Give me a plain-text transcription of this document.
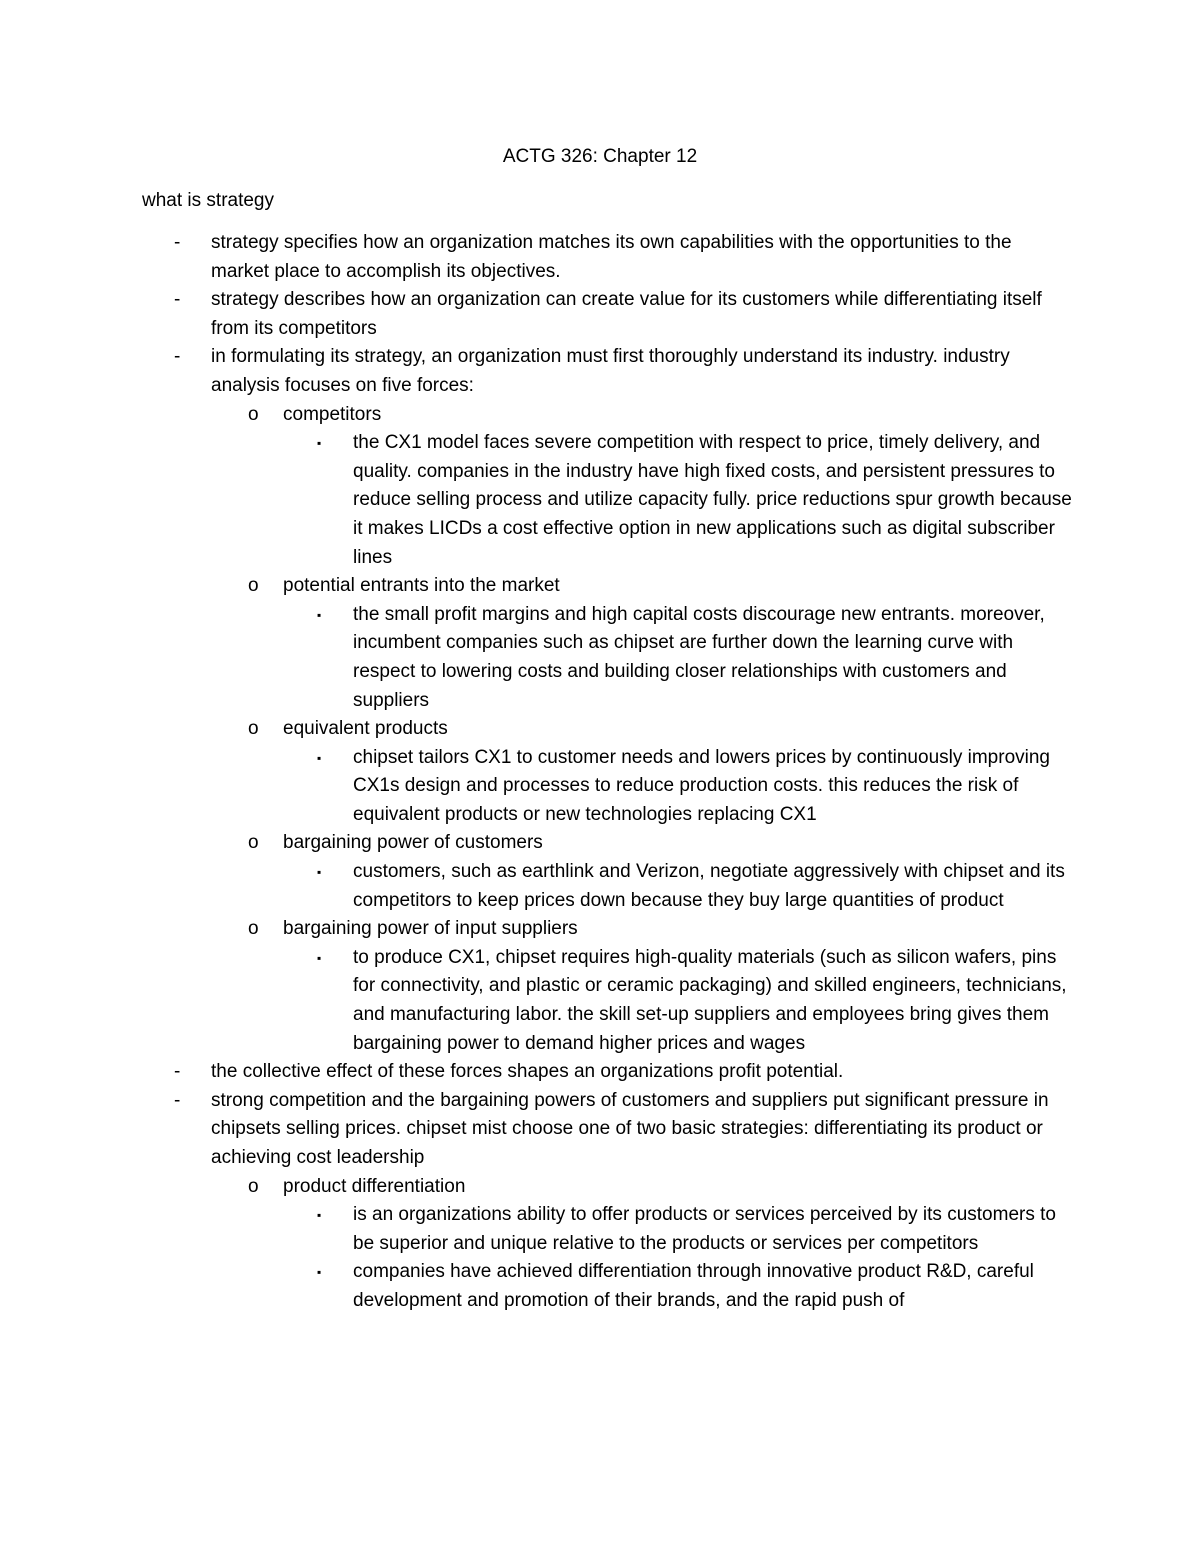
ACTG 326: Chapter 12
what is strategy
- strategy specifies how an organization matches its own capabilities with the opportunities to the market place to accomplish its objectives.
- strategy describes how an organization can create value for its customers while differentiating itself from its competitors
- in formulating its strategy, an organization must first thoroughly understand its industry. industry analysis focuses on five forces:
o competitors
▪ the CX1 model faces severe competition with respect to price, timely delivery, and quality. companies in the industry have high fixed costs, and persistent pressures to reduce selling process and utilize capacity fully. price reductions spur growth because it makes LICDs a cost effective option in new applications such as digital subscriber lines
o potential entrants into the market
▪ the small profit margins and high capital costs discourage new entrants. moreover, incumbent companies such as chipset are further down the learning curve with respect to lowering costs and building closer relationships with customers and suppliers
o equivalent products
▪ chipset tailors CX1 to customer needs and lowers prices by continuously improving CX1s design and processes to reduce production costs. this reduces the risk of equivalent products or new technologies replacing CX1
o bargaining power of customers
▪ customers, such as earthlink and Verizon, negotiate aggressively with chipset and its competitors to keep prices down because they buy large quantities of product
o bargaining power of input suppliers
▪ to produce CX1, chipset requires high-quality materials (such as silicon wafers, pins for connectivity, and plastic or ceramic packaging) and skilled engineers, technicians, and manufacturing labor. the skill set-up suppliers and employees bring gives them bargaining power to demand higher prices and wages
- the collective effect of these forces shapes an organizations profit potential.
- strong competition and the bargaining powers of customers and suppliers put significant pressure in chipsets selling prices. chipset mist choose one of two basic strategies: differentiating its product or achieving cost leadership
o product differentiation
▪ is an organizations ability to offer products or services perceived by its customers to be superior and unique relative to the products or services per competitors
▪ companies have achieved differentiation through innovative product R&D, careful development and promotion of their brands, and the rapid push of
